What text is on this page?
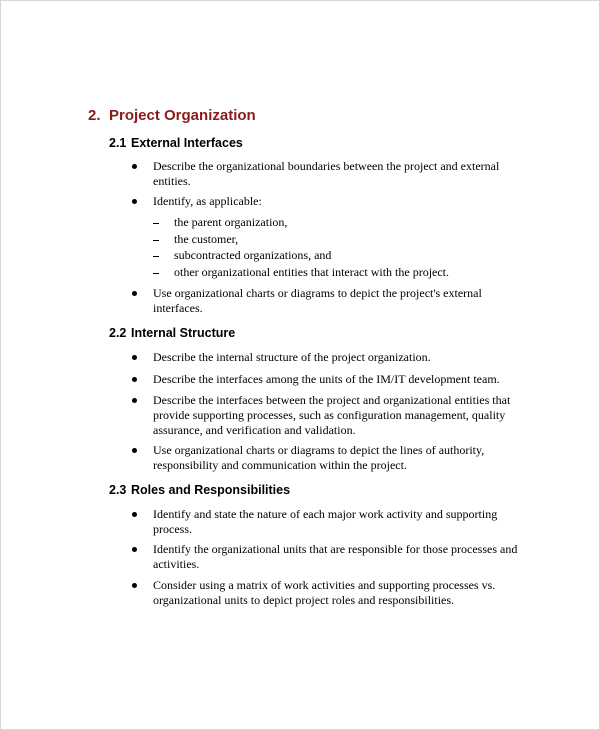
2. Project Organization
2.1 External Interfaces

Describe the organizational boundaries between the project and external entities.

Identify, as applicable:

the parent organization,

the customer,

subcontracted organizations, and

other organizational entities that interact with the project.

Use organizational charts or diagrams to depict the project's external interfaces.

2.2 Internal Structure

Describe the internal structure of the project organization.

Describe the interfaces among the units of the IM/IT development team.

Describe the interfaces between the project and organizational entities that provide supporting processes, such as configuration management, quality assurance, and verification and validation.

Use organizational charts or diagrams to depict the lines of authority, responsibility and communication within the project.

2.3 Roles and Responsibilities

Identify and state the nature of each major work activity and supporting process.

Identify the organizational units that are responsible for those processes and activities.

Consider using a matrix of work activities and supporting processes vs. organizational units to depict project roles and responsibilities.
